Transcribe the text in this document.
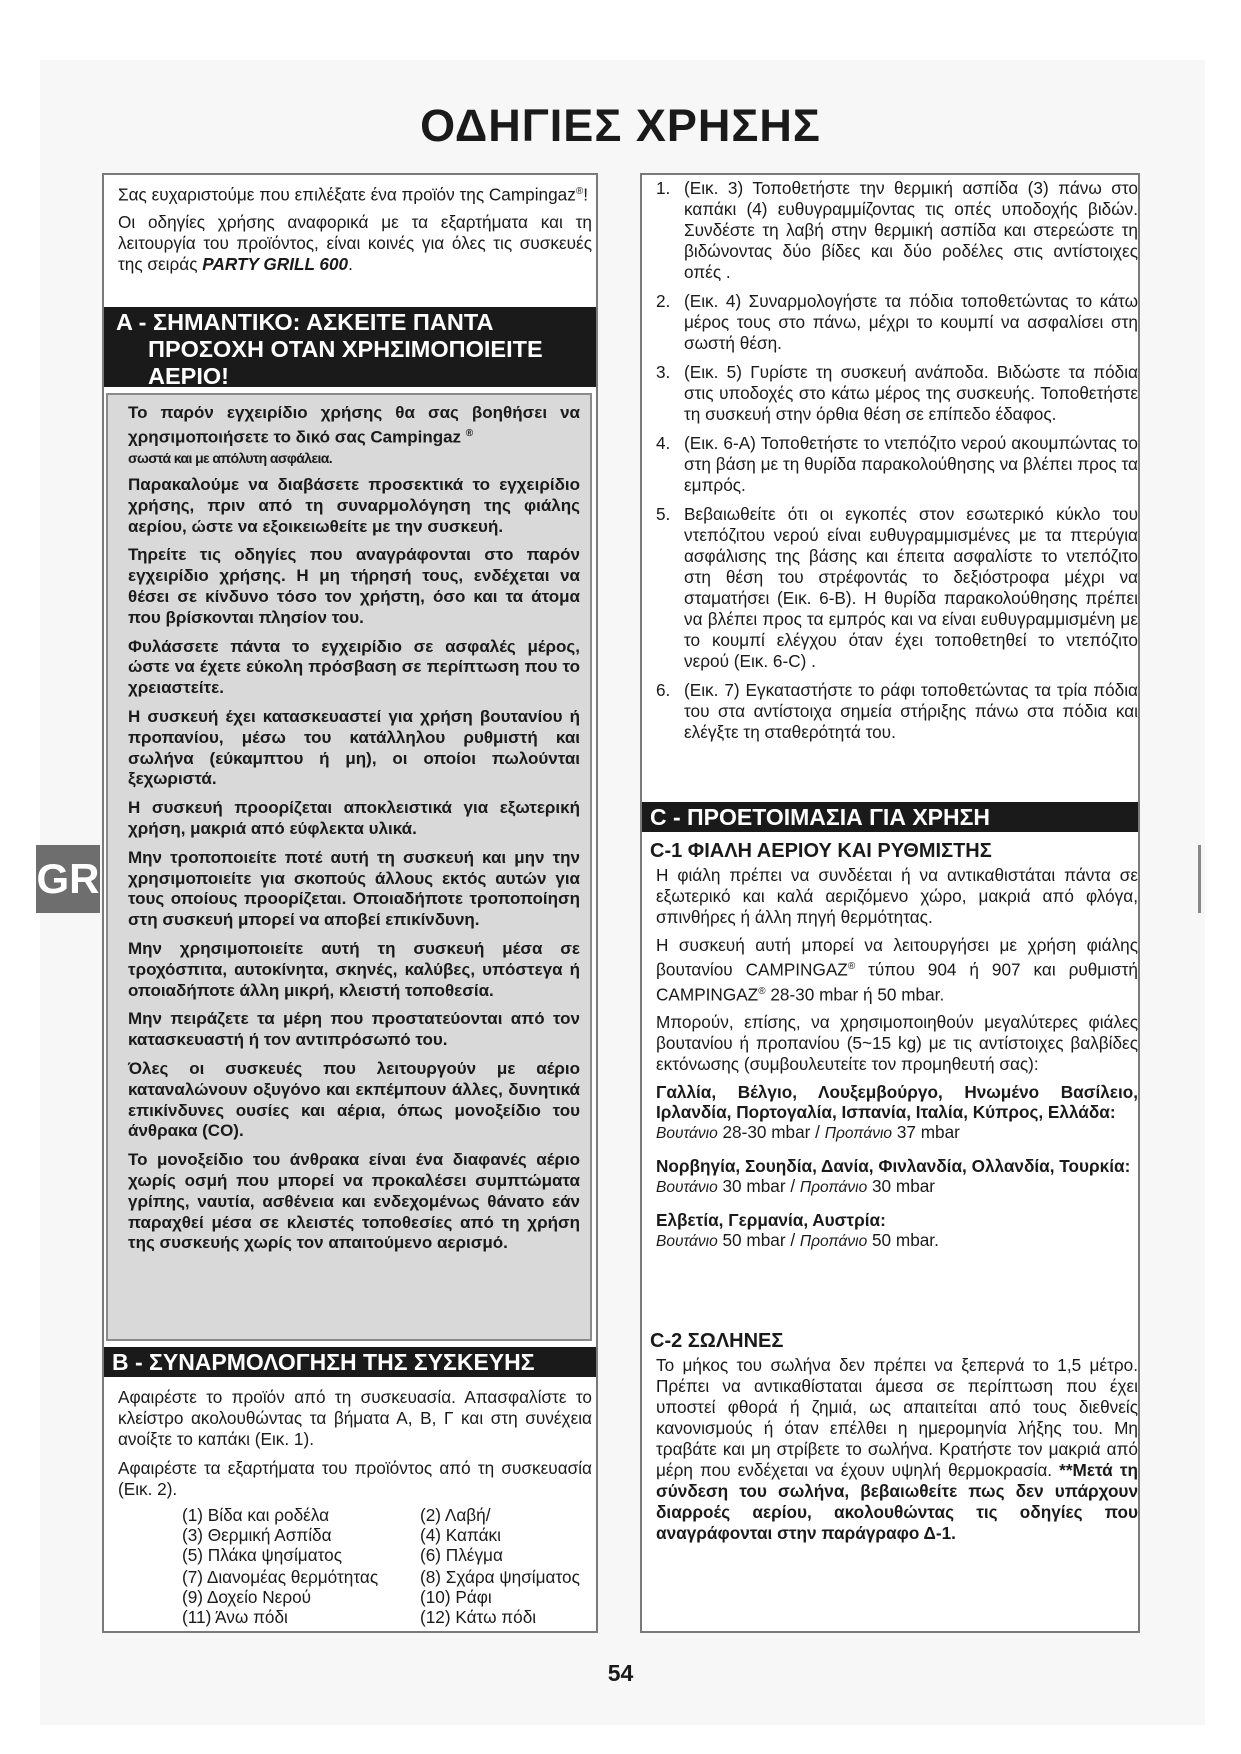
ΟΔΗΓΙΕΣ ΧΡΗΣΗΣ
GR

Σας ευχαριστούμε που επιλέξατε ένα προϊόν της Campingaz®!

Οι οδηγίες χρήσης αναφορικά με τα εξαρτήματα και τη λειτουργία του προϊόντος, είναι κοινές για όλες τις συσκευές της σειράς PARTY GRILL 600.

A - ΣΗΜΑΝΤΙΚΟ: ΑΣΚΕΙΤΕ ΠΑΝΤΑ
ΠΡΟΣΟΧΗ ΟΤΑΝ ΧΡΗΣΙΜΟΠΟΙΕΙΤΕ
ΑΕΡΙΟ!

Το παρόν εγχειρίδιο χρήσης θα σας βοηθήσει να χρησιμοποιήσετε το δικό σας Campingaz ®
σωστά και με απόλυτη ασφάλεια.

Παρακαλούμε να διαβάσετε προσεκτικά το εγχειρίδιο χρήσης, πριν από τη συναρμολόγηση της φιάλης αερίου, ώστε να εξοικειωθείτε με την συσκευή.

Τηρείτε τις οδηγίες που αναγράφονται στο παρόν εγχειρίδιο χρήσης. Η μη τήρησή τους, ενδέχεται να θέσει σε κίνδυνο τόσο τον χρήστη, όσο και τα άτομα που βρίσκονται πλησίον του.

Φυλάσσετε πάντα το εγχειρίδιο σε ασφαλές μέρος, ώστε να έχετε εύκολη πρόσβαση σε περίπτωση που το χρειαστείτε.

Η συσκευή έχει κατασκευαστεί για χρήση βουτανίου ή προπανίου, μέσω του κατάλληλου ρυθμιστή και σωλήνα (εύκαμπτου ή μη), οι οποίοι πωλούνται ξεχωριστά.

Η συσκευή προορίζεται αποκλειστικά για εξωτερική χρήση, μακριά από εύφλεκτα υλικά.

Μην τροποποιείτε ποτέ αυτή τη συσκευή και μην την χρησιμοποιείτε για σκοπούς άλλους εκτός αυτών για τους οποίους προορίζεται. Οποιαδήποτε τροποποίηση στη συσκευή μπορεί να αποβεί επικίνδυνη.

Μην χρησιμοποιείτε αυτή τη συσκευή μέσα σε τροχόσπιτα, αυτοκίνητα, σκηνές, καλύβες, υπόστεγα ή οποιαδήποτε άλλη μικρή, κλειστή τοποθεσία.

Μην πειράζετε τα μέρη που προστατεύονται από τον κατασκευαστή ή τον αντιπρόσωπό του.

Όλες οι συσκευές που λειτουργούν με αέριο καταναλώνουν οξυγόνο και εκπέμπουν άλλες, δυνητικά επικίνδυνες ουσίες και αέρια, όπως μονοξείδιο του άνθρακα (CO).

Το μονοξείδιο του άνθρακα είναι ένα διαφανές αέριο χωρίς οσμή που μπορεί να προκαλέσει συμπτώματα γρίπης, ναυτία, ασθένεια και ενδεχομένως θάνατο εάν παραχθεί μέσα σε κλειστές τοποθεσίες από τη χρήση της συσκευής χωρίς τον απαιτούμενο αερισμό.

B - ΣΥΝΑΡΜΟΛΟΓΗΣΗ ΤΗΣ ΣΥΣΚΕΥΗΣ

Αφαιρέστε το προϊόν από τη συσκευασία. Απασφαλίστε το κλείστρο ακολουθώντας τα βήματα Α, Β, Γ και στη συνέχεια ανοίξτε το καπάκι (Εικ. 1).

Αφαιρέστε τα εξαρτήματα του προϊόντος από τη συσκευασία (Εικ. 2).

(1) Βίδα και ροδέλα	(2) Λαβή/
(3) Θερμική Ασπίδα	(4) Καπάκι
(5) Πλάκα ψησίματος	(6) Πλέγμα
(7) Διανομέας θερμότητας	(8) Σχάρα ψησίματος
(9) Δοχείο Νερού	(10) Ράφι
(11) Άνω πόδι	(12) Κάτω πόδι
1. (Εικ. 3) Τοποθετήστε την θερμική ασπίδα (3) πάνω στο καπάκι (4) ευθυγραμμίζοντας τις οπές υποδοχής βιδών. Συνδέστε τη λαβή στην θερμική ασπίδα και στερεώστε τη βιδώνοντας δύο βίδες και δύο ροδέλες στις αντίστοιχες οπές .
2. (Εικ. 4) Συναρμολογήστε τα πόδια τοποθετώντας το κάτω μέρος τους στο πάνω, μέχρι το κουμπί να ασφαλίσει στη σωστή θέση.
3. (Εικ. 5) Γυρίστε τη συσκευή ανάποδα. Βιδώστε τα πόδια στις υποδοχές στο κάτω μέρος της συσκευής. Τοποθετήστε τη συσκευή στην όρθια θέση σε επίπεδο έδαφος.
4. (Εικ. 6-A) Τοποθετήστε το ντεπόζιτο νερού ακουμπώντας το στη βάση με τη θυρίδα παρακολούθησης να βλέπει προς τα εμπρός.
5. Βεβαιωθείτε ότι οι εγκοπές στον εσωτερικό κύκλο του ντεπόζιτου νερού είναι ευθυγραμμισμένες με τα πτερύγια ασφάλισης της βάσης και έπειτα ασφαλίστε το ντεπόζιτο στη θέση του στρέφοντάς το δεξιόστροφα μέχρι να σταματήσει (Εικ. 6-B). Η θυρίδα παρακολούθησης πρέπει να βλέπει προς τα εμπρός και να είναι ευθυγραμμισμένη με το κουμπί ελέγχου όταν έχει τοποθετηθεί το ντεπόζιτο νερού (Εικ. 6-C) .
6. (Εικ. 7) Εγκαταστήστε το ράφι τοποθετώντας τα τρία πόδια του στα αντίστοιχα σημεία στήριξης πάνω στα πόδια και ελέγξτε τη σταθερότητά του.
C - ΠΡΟΕΤΟΙΜΑΣΙΑ ΓΙΑ ΧΡΗΣΗ
C-1 ΦΙΑΛΗ ΑΕΡΙΟΥ ΚΑΙ ΡΥΘΜΙΣΤΗΣ

Η φιάλη πρέπει να συνδέεται ή να αντικαθιστάται πάντα σε εξωτερικό και καλά αεριζόμενο χώρο, μακριά από φλόγα, σπινθήρες ή άλλη πηγή θερμότητας.

Η συσκευή αυτή μπορεί να λειτουργήσει με χρήση φιάλης βουτανίου CAMPINGAZ® τύπου 904 ή 907 και ρυθμιστή CAMPINGAZ® 28-30 mbar ή 50 mbar.

Μπορούν, επίσης, να χρησιμοποιηθούν μεγαλύτερες φιάλες βουτανίου ή προπανίου (5~15 kg) με τις αντίστοιχες βαλβίδες εκτόνωσης (συμβουλευτείτε τον προμηθευτή σας):

Γαλλία, Βέλγιο, Λουξεμβούργο, Ηνωμένο Βασίλειο, Ιρλανδία, Πορτογαλία, Ισπανία, Ιταλία, Κύπρος, Ελλάδα:

Βουτάνιο 28-30 mbar / Προπάνιο 37 mbar

Νορβηγία, Σουηδία, Δανία, Φινλανδία, Ολλανδία, Τουρκία:

Βουτάνιο 30 mbar / Προπάνιο 30 mbar

Ελβετία, Γερμανία, Αυστρία:

Βουτάνιο 50 mbar / Προπάνιο 50 mbar.

C-2 ΣΩΛΗΝΕΣ

Το μήκος του σωλήνα δεν πρέπει να ξεπερνά το 1,5 μέτρο. Πρέπει να αντικαθίσταται άμεσα σε περίπτωση που έχει υποστεί φθορά ή ζημιά, ως απαιτείται από τους διεθνείς κανονισμούς ή όταν επέλθει η ημερομηνία λήξης του. Μη τραβάτε και μη στρίβετε το σωλήνα. Κρατήστε τον μακριά από μέρη που ενδέχεται να έχουν υψηλή θερμοκρασία. **Μετά τη σύνδεση του σωλήνα, βεβαιωθείτε πως δεν υπάρχουν διαρροές αερίου, ακολουθώντας τις οδηγίες που αναγράφονται στην παράγραφο Δ-1.

54
